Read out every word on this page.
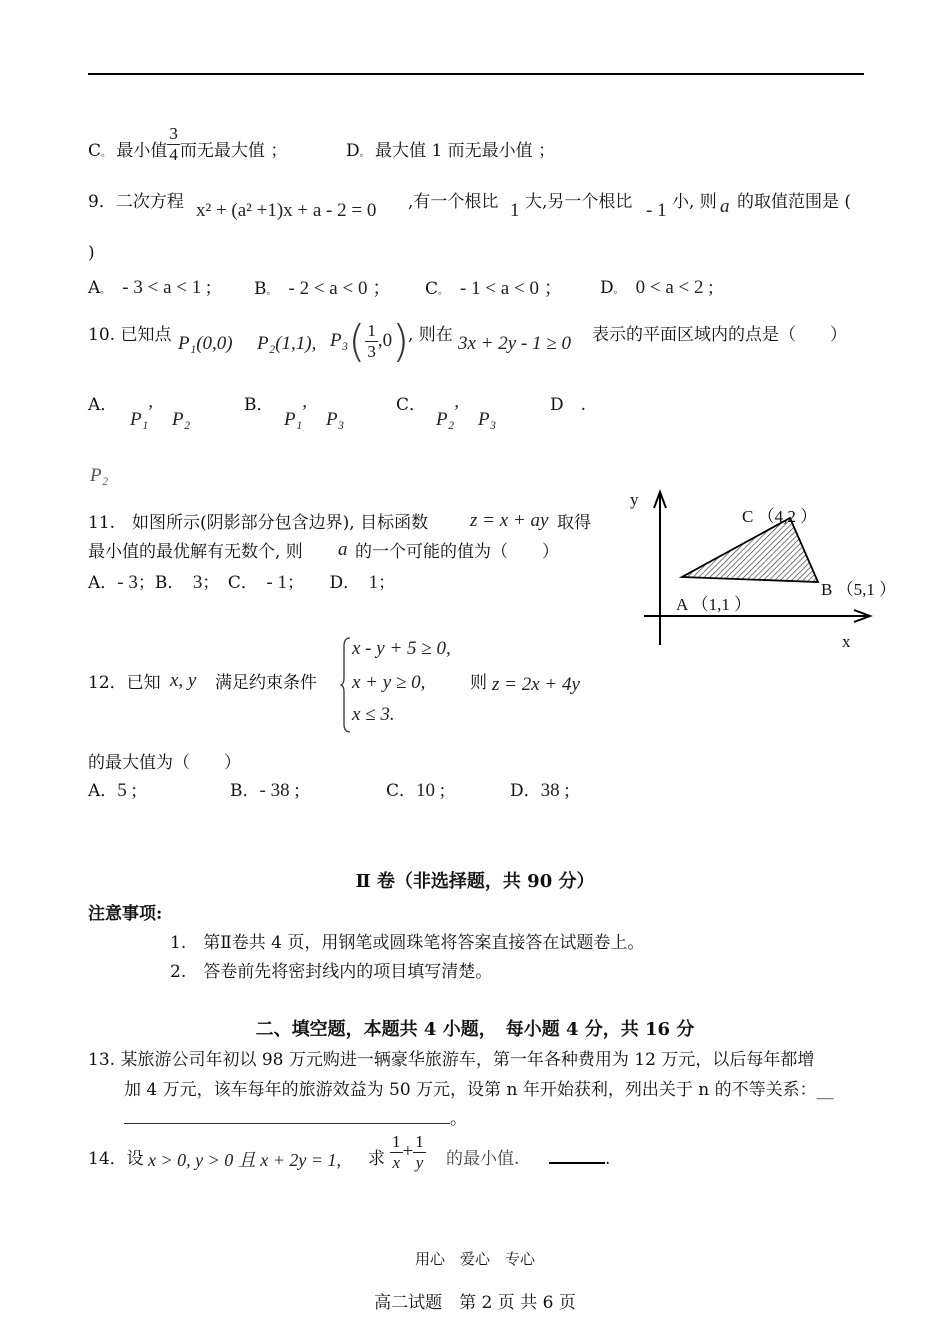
C。 最小值 $\frac{3}{4}$ 而无最大值 ；	D。 最大值 1 而无最小值 ；
9．二次方程 x² + (a² +1)x + a - 2 = 0 ,有一个根比 1 大,另一个根比 - 1 小, 则 a 的取值范围是 (
)
A。　 - 3 < a < 1 ;	B。　 - 2 < a < 0 ； C。　 - 1 < a < 0 ； D。　 0 < a < 2 ;
10. 已知点 P₁(0,0) P₂(1,1), $P_3( \frac{1}{3} ,0)$
, 则在 3x + 2y - 1 ≥ 0 表示的平面区域内的点是（　　）
A．
P₁,　P₂
B．
P₁,　P₃
C．
P₂,　P₃
D　.
P₂
11.　如图所示(阴影部分包含边界), 目标函数 z = x + ay 取得
最小值的最优解有无数个, 则 a 的一个可能的值为（　　）
A．- 3；B．　 3；　C．　 - 1；　　D．　 1；
y
x
C （4,2 ）
B （5,1 ）
A （1,1 ）
12．已知 x, y 满足约束条件
x - y + 5 ≥ 0,
x + y ≥ 0,
x ≤ 3.
则 z = 2x + 4y
的最大值为（　　）
A．5 ;	B．- 38 ;	C．10 ;	D．38 ;
Ⅱ 卷（非选择题，共 90 分）
注意事项:
1.　第Ⅱ卷共 4 页，用钢笔或圆珠笔将答案直接答在试题卷上。
2.　答卷前先将密封线内的项目填写清楚。
二、填空题，本题共 4 小题，　每小题 4 分，共 16 分
13. 某旅游公司年初以 98 万元购进一辆豪华旅游车，第一年各种费用为 12 万元，以后每年都增
加 4 万元，该车每年的旅游效益为 50 万元，设第 n 年开始获利，列出关于 n 的不等关系：__
。
14．设 x > 0, y > 0 且 x + 2y = 1, 求 $\frac{1}{x} + \frac{1}{y}$ 的最小值.	.
用心　爱心　专心
高二试题　第 2 页 共 6 页
